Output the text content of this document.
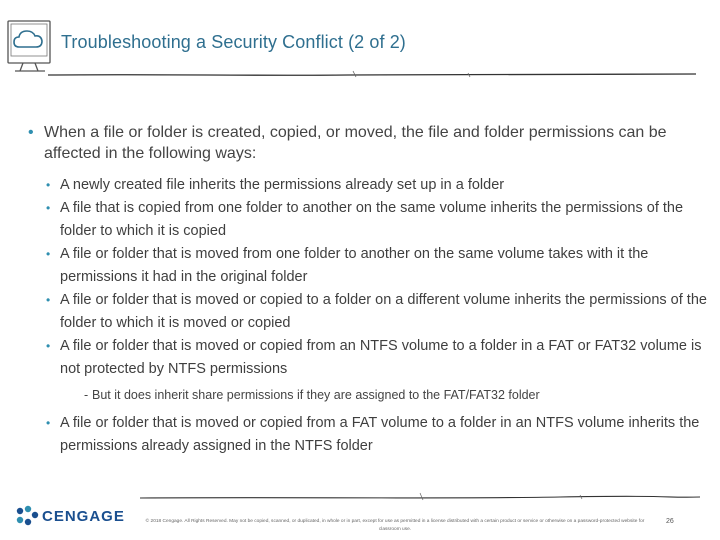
Troubleshooting a Security Conflict (2 of 2)
• When a file or folder is created, copied, or moved, the file and folder permissions can be affected in the following ways:
• A newly created file inherits the permissions already set up in a folder
• A file that is copied from one folder to another on the same volume inherits the permissions of the folder to which it is copied
• A file or folder that is moved from one folder to another on the same volume takes with it the permissions it had in the original folder
• A file or folder that is moved or copied to a folder on a different volume inherits the permissions of the folder to which it is moved or copied
• A file or folder that is moved or copied from an NTFS volume to a folder in a FAT or FAT32 volume is not protected by NTFS permissions
- But it does inherit share permissions if they are assigned to the FAT/FAT32 folder
• A file or folder that is moved or copied from a FAT volume to a folder in an NTFS volume inherits the permissions already assigned in the NTFS folder
CENGAGE	© 2018 Cengage. All Rights Reserved. May not be copied, scanned, or duplicated, in whole or in part, except for use as permitted in a license distributed with a certain product or service or otherwise on a password-protected website for classroom use.
26
